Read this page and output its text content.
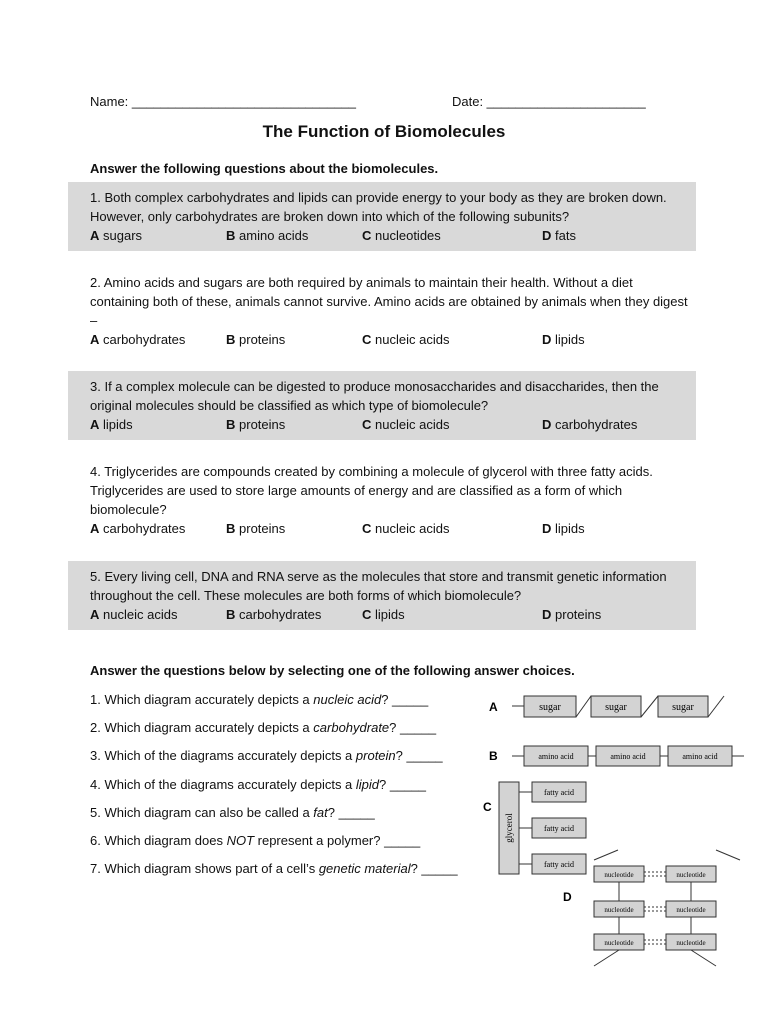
Name: _______________________________	Date: ______________________
The Function of Biomolecules
Answer the following questions about the biomolecules.
1. Both complex carbohydrates and lipids can provide energy to your body as they are broken down. However, only carbohydrates are broken down into which of the following subunits?
A sugars	B amino acids	C nucleotides	D fats
2. Amino acids and sugars are both required by animals to maintain their health. Without a diet containing both of these, animals cannot survive. Amino acids are obtained by animals when they digest –
A carbohydrates	B proteins	C nucleic acids	D lipids
3. If a complex molecule can be digested to produce monosaccharides and disaccharides, then the original molecules should be classified as which type of biomolecule?
A lipids	B proteins	C nucleic acids	D carbohydrates
4. Triglycerides are compounds created by combining a molecule of glycerol with three fatty acids. Triglycerides are used to store large amounts of energy and are classified as a form of which biomolecule?
A carbohydrates	B proteins	C nucleic acids	D lipids
5. Every living cell, DNA and RNA serve as the molecules that store and transmit genetic information throughout the cell. These molecules are both forms of which biomolecule?
A nucleic acids	B carbohydrates	C lipids	D proteins
Answer the questions below by selecting one of the following answer choices.
1. Which diagram accurately depicts a nucleic acid? _____
2. Which diagram accurately depicts a carbohydrate? _____
3. Which of the diagrams accurately depicts a protein? _____
4. Which of the diagrams accurately depicts a lipid? _____
5. Which diagram can also be called a fat? _____
6. Which diagram does NOT represent a polymer? _____
7. Which diagram shows part of a cell’s genetic material? _____
A	sugar	sugar	sugar
B	amino acid	amino acid	amino acid
C
glycerol
fatty acid
fatty acid
fatty acid
D
nucleotide	nucleotide
nucleotide	nucleotide
nucleotide	nucleotide
